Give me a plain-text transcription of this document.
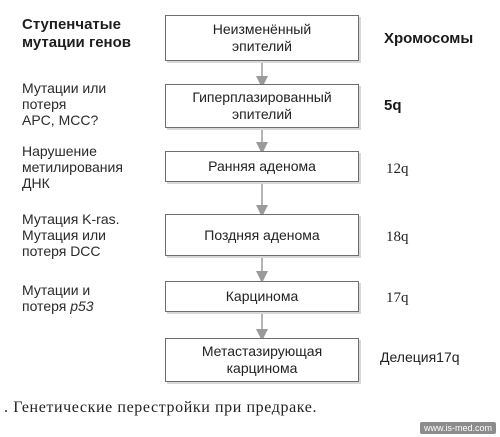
Ступенчатые
мутации генов	Хромосомы
Неизменённый
эпителий
Гиперплазированный
эпителий
Ранняя аденома
Поздняя аденома
Карцинома
Метастазирующая
карцинома
Мутации или
потеря
APC, MCC?
Нарушение
метилирования
ДНК
Мутация K-ras.
Мутация или
потеря DCC
Мутации и
потеря p53
5q
12q
18q
17q
Делеция17q
. Генетические перестройки при предраке.
www.is-med.com
